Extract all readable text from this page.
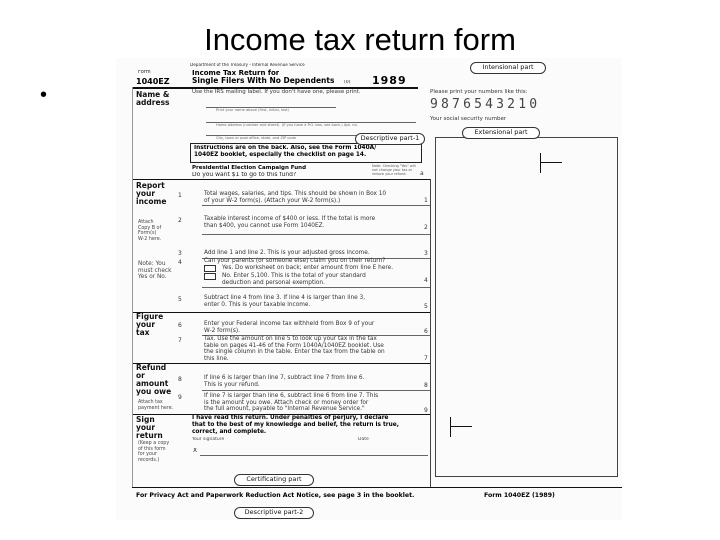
Income tax return form
•
Department of the Treasury - Internal Revenue Service
Form
1040EZ
Income Tax Return for
Single Filers With No Dependents (0) 1989
Name &
address
Use the IRS mailing label. If you don't have one, please print.	Please print your numbers like this:
9876543210
Your social security number
Print your name above (first, initial, last)
Home address (number and street). (If you have a P.O. box, see back.) Apt. no.
City, town or post office, state, and ZIP code
Instructions are on the back. Also, see the Form 1040A/
1040EZ booklet, especially the checklist on page 14.
Presidential Election Campaign Fund
Do you want $1 to go to this fund?
Note: Checking "Yes" will
not change your tax or
reduce your refund.	a
Report
your
income
Attach
Copy B of
Form(s)
W-2 here.
1	Total wages, salaries, and tips. This should be shown in Box 10
of your W-2 form(s). (Attach your W-2 form(s).)	1
2	Taxable interest income of $400 or less. If the total is more
than $400, you cannot use Form 1040EZ.	2
3	Add line 1 and line 2. This is your adjusted gross income.	3
4	Can your parents (or someone else) claim you on their return?
Note: You
must check
Yes or No.
Yes. Do worksheet on back; enter amount from line E here.
No. Enter 5,100. This is the total of your standard
deduction and personal exemption.	4
5	Subtract line 4 from line 3. If line 4 is larger than line 3,
enter 0. This is your taxable income.	5
Figure
your
tax
6	Enter your Federal income tax withheld from Box 9 of your
W-2 form(s).	6
7	Tax. Use the amount on line 5 to look up your tax in the tax
table on pages 41-46 of the Form 1040A/1040EZ booklet. Use
the single column in the table. Enter the tax from the table on
this line.	7
Refund
or
amount
you owe
Attach tax
payment here.
8	If line 6 is larger than line 7, subtract line 7 from line 6.
This is your refund.	8
9	If line 7 is larger than line 6, subtract line 6 from line 7. This
is the amount you owe. Attach check or money order for
the full amount, payable to "Internal Revenue Service."	9
Sign
your
return
(Keep a copy
of this form
for your
records.)
I have read this return. Under penalties of perjury, I declare
that to the best of my knowledge and belief, the return is true,
correct, and complete.
Your signature	Date
X
For Privacy Act and Paperwork Reduction Act Notice, see page 3 in the booklet.	Form 1040EZ (1989)
Intensional part
Descriptive part-1
Extensional part
Certificating part
Descriptive part-2
